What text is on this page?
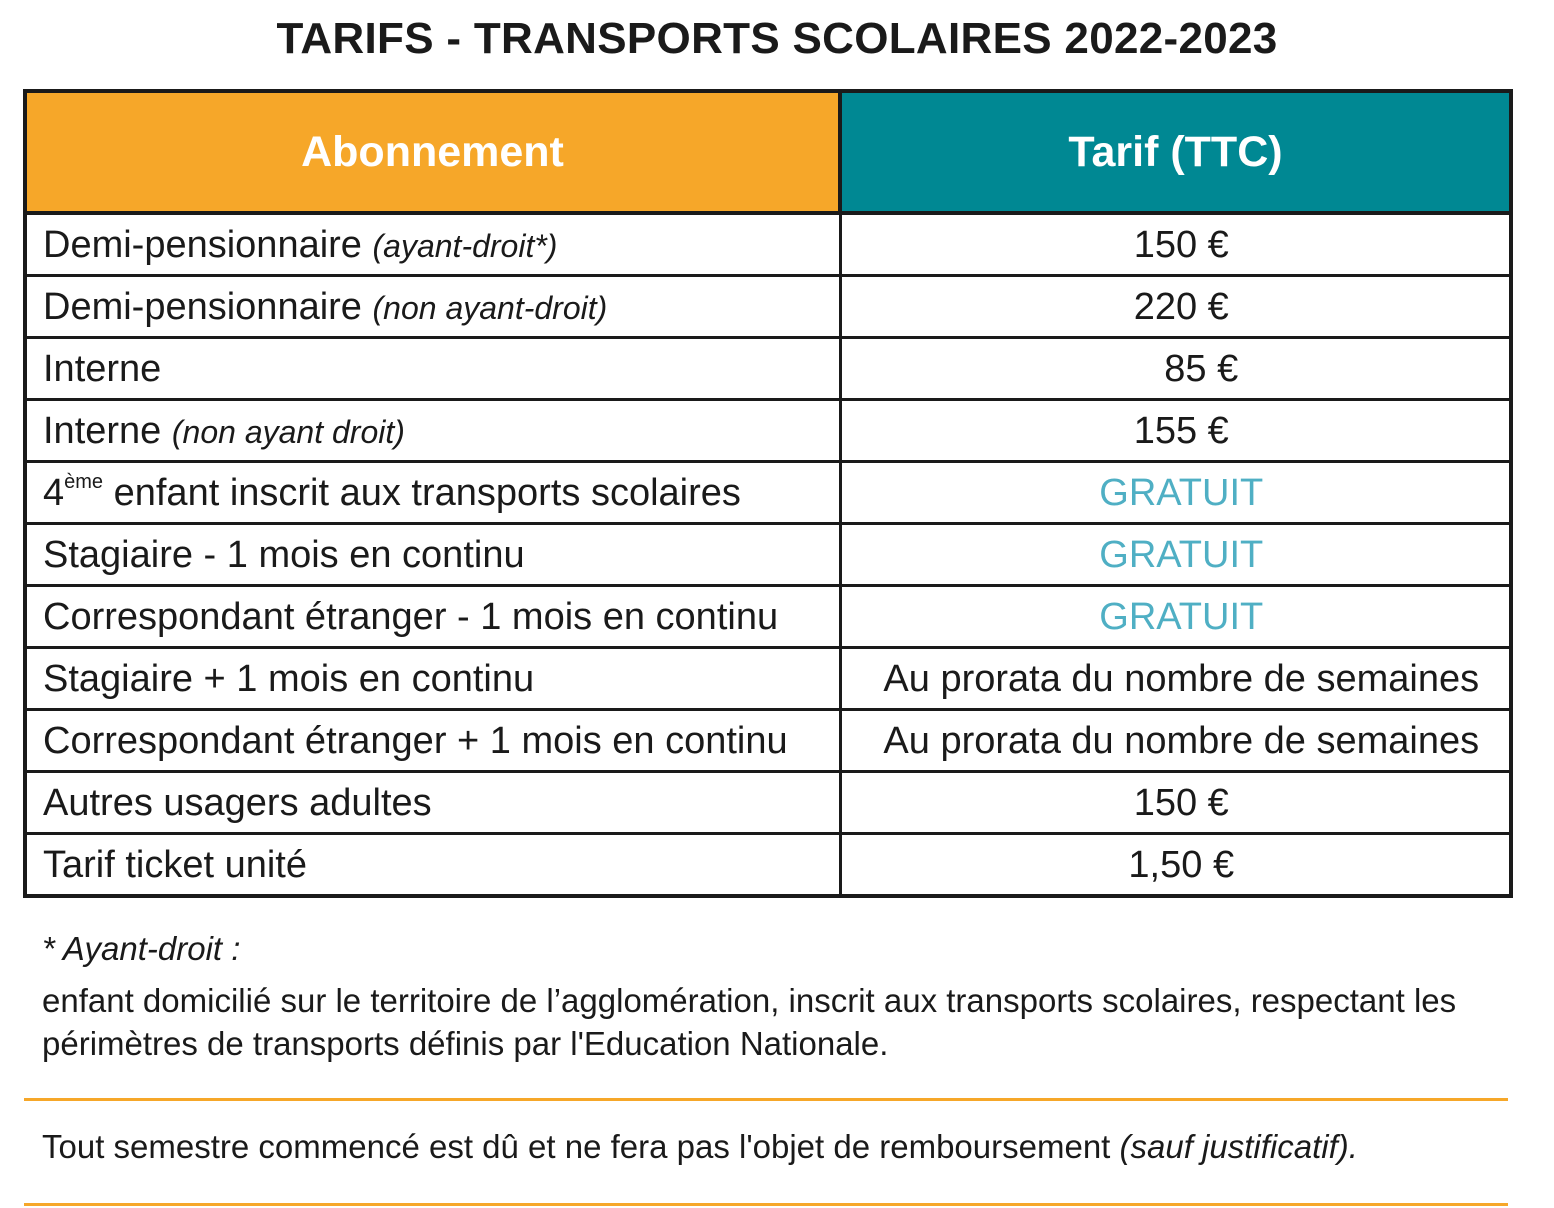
TARIFS - TRANSPORTS SCOLAIRES 2022-2023
Abonnement	Tarif (TTC)
Demi-pensionnaire (ayant-droit*)	150 €
Demi-pensionnaire (non ayant-droit)	220 €
Interne	85 €
Interne (non ayant droit)	155 €
4ème enfant inscrit aux transports scolaires	GRATUIT
Stagiaire - 1 mois en continu	GRATUIT
Correspondant étranger - 1 mois en continu	GRATUIT
Stagiaire + 1 mois en continu	Au prorata du nombre de semaines
Correspondant étranger + 1 mois en continu	Au prorata du nombre de semaines
Autres usagers adultes	150 €
Tarif ticket unité	1,50 €
* Ayant-droit :
enfant domicilié sur le territoire de l’agglomération, inscrit aux transports scolaires, respectant les périmètres de transports définis par l'Education Nationale.
Tout semestre commencé est dû et ne fera pas l'objet de remboursement (sauf justificatif).
